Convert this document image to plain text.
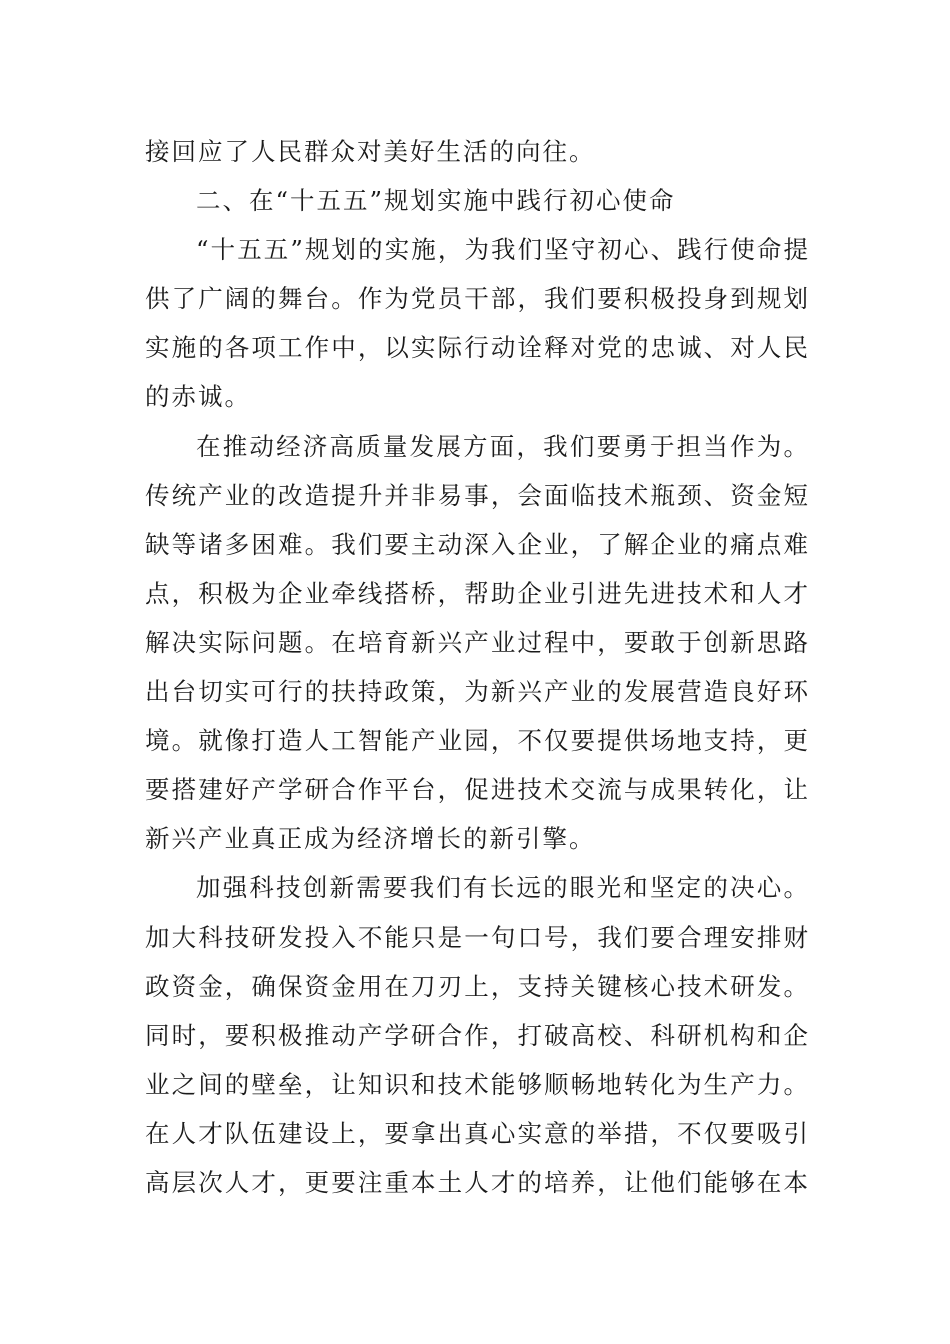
接回应了人民群众对美好生活的向往。
二、在“十五五”规划实施中践行初心使命
“十五五”规划的实施，为我们坚守初心、践行使命提
供了广阔的舞台。作为党员干部，我们要积极投身到规划
实施的各项工作中，以实际行动诠释对党的忠诚、对人民
的赤诚。
在推动经济高质量发展方面，我们要勇于担当作为。
传统产业的改造提升并非易事，会面临技术瓶颈、资金短
缺等诸多困难。我们要主动深入企业，了解企业的痛点难
点，积极为企业牵线搭桥，帮助企业引进先进技术和人才
解决实际问题。在培育新兴产业过程中，要敢于创新思路
出台切实可行的扶持政策，为新兴产业的发展营造良好环
境。就像打造人工智能产业园，不仅要提供场地支持，更
要搭建好产学研合作平台，促进技术交流与成果转化，让
新兴产业真正成为经济增长的新引擎。
加强科技创新需要我们有长远的眼光和坚定的决心。
加大科技研发投入不能只是一句口号，我们要合理安排财
政资金，确保资金用在刀刃上，支持关键核心技术研发。
同时，要积极推动产学研合作，打破高校、科研机构和企
业之间的壁垒，让知识和技术能够顺畅地转化为生产力。
在人才队伍建设上，要拿出真心实意的举措，不仅要吸引
高层次人才，更要注重本土人才的培养，让他们能够在本
